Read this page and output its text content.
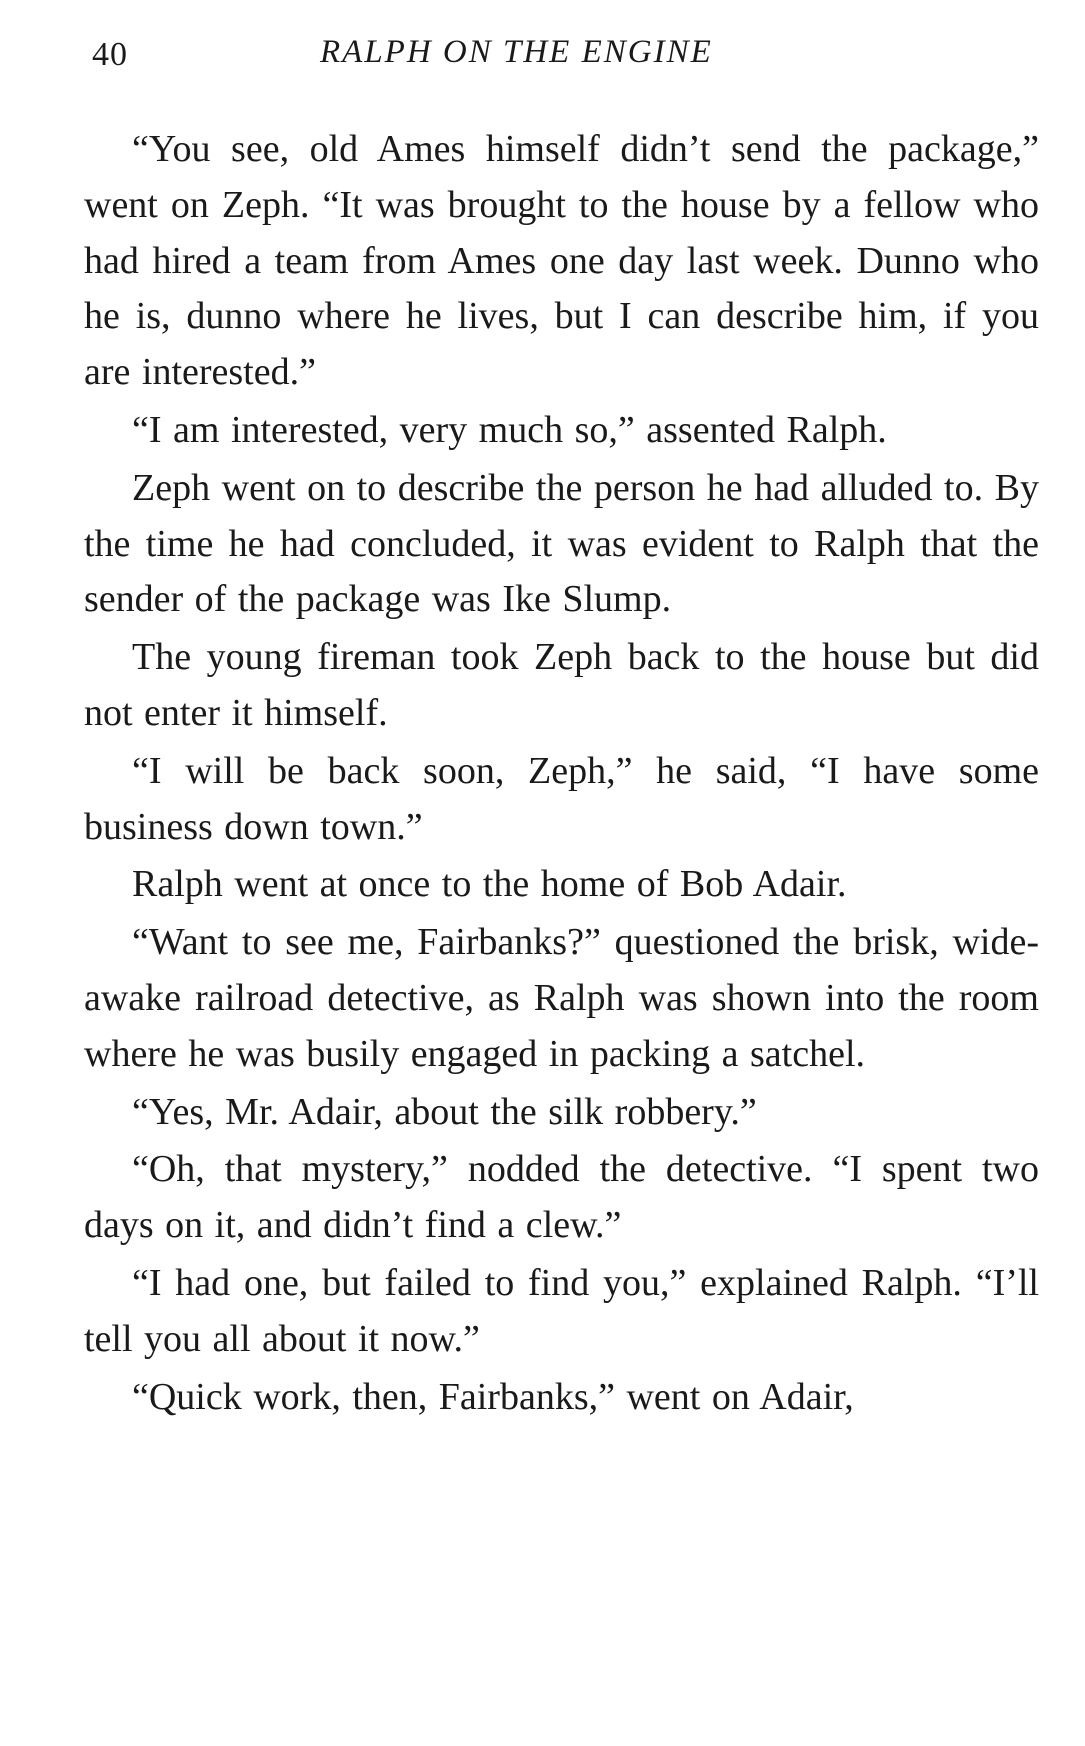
40	RALPH ON THE ENGINE

“You see, old Ames himself didn’t send the package,” went on Zeph. “It was brought to the house by a fellow who had hired a team from Ames one day last week. Dunno who he is, dunno where he lives, but I can describe him, if you are interested.”

“I am interested, very much so,” assented Ralph.

Zeph went on to describe the person he had alluded to. By the time he had concluded, it was evident to Ralph that the sender of the package was Ike Slump.

The young fireman took Zeph back to the house but did not enter it himself.

“I will be back soon, Zeph,” he said, “I have some business down town.”

Ralph went at once to the home of Bob Adair.

“Want to see me, Fairbanks?” questioned the brisk, wide-awake railroad detective, as Ralph was shown into the room where he was busily engaged in packing a satchel.

“Yes, Mr. Adair, about the silk robbery.”

“Oh, that mystery,” nodded the detective. “I spent two days on it, and didn’t find a clew.”

“I had one, but failed to find you,” explained Ralph. “I’ll tell you all about it now.”

“Quick work, then, Fairbanks,” went on Adair,
